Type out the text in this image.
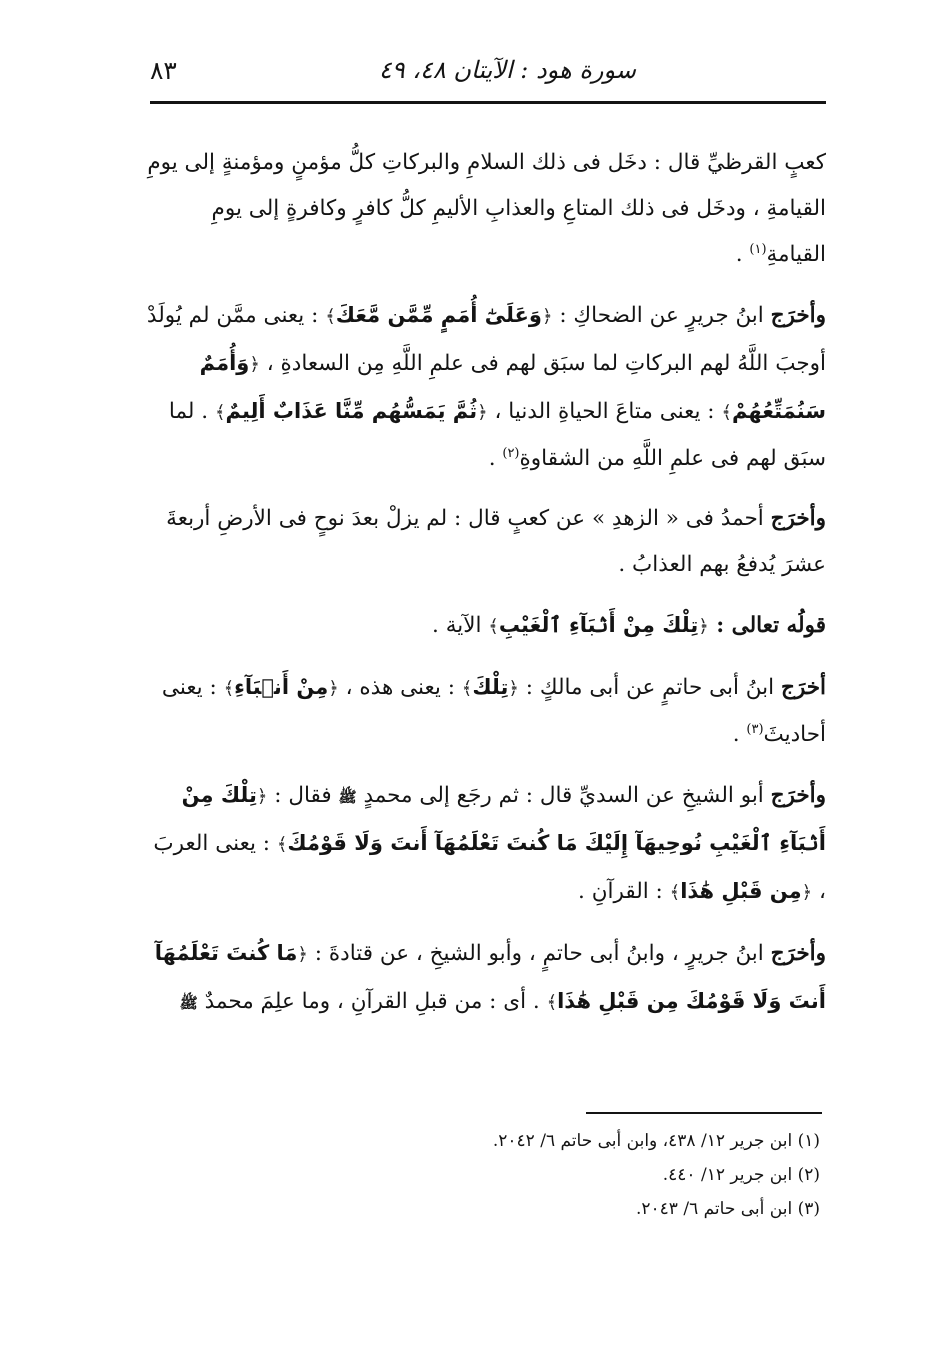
٨٣	سورة هود : الآيتان ٤٨، ٤٩

كعبٍ القرظيِّ قال : دخَل فى ذلك السلامِ والبركاتِ كلُّ مؤمنٍ ومؤمنةٍ إلى يومِ القيامةِ ، ودخَل فى ذلك المتاعِ والعذابِ الأليمِ كلُّ كافرٍ وكافرةٍ إلى يومِ القيامةِ$^{(١)}$ .

وأخرَج ابنُ جريرٍ عن الضحاكِ : ﴿وَعَلَىٰٓ أُمَمٍ مِّمَّن مَّعَكَ﴾ : يعنى ممَّن لم يُولَدْ أوجبَ اللَّهُ لهم البركاتِ لما سبَق لهم فى علمِ اللَّهِ مِن السعادةِ ، ﴿وَأُمَمٌ سَنُمَتِّعُهُمْ﴾ : يعنى متاعَ الحياةِ الدنيا ، ﴿ثُمَّ يَمَسُّهُم مِّنَّا عَذَابٌ أَلِيمٌ﴾ . لما سبَق لهم فى علمِ اللَّهِ من الشقاوةِ$^{(٢)}$ .

وأخرَج أحمدُ فى « الزهدِ » عن كعبٍ قال : لم يزلْ بعدَ نوحٍ فى الأرضِ أربعةَ عشرَ يُدفعُ بهم العذابُ .

قولُه تعالى : ﴿تِلْكَ مِنْ أَنۢبَآءِ ٱلْغَيْبِ﴾ الآية .

أخرَج ابنُ أبى حاتمٍ عن أبى مالكٍ : ﴿تِلْكَ﴾ : يعنى هذه ، ﴿مِنْ أَنۢبَآءِ﴾ : يعنى أحاديثَ$^{(٣)}$ .

وأخرَج أبو الشيخِ عن السديِّ قال : ثم رجَع إلى محمدٍ ﷺ فقال : ﴿تِلْكَ مِنْ أَنۢبَآءِ ٱلْغَيْبِ نُوحِيهَآ إِلَيْكَ مَا كُنتَ تَعْلَمُهَآ أَنتَ وَلَا قَوْمُكَ﴾ : يعنى العربَ ، ﴿مِن قَبْلِ هَٰذَا﴾ : القرآنِ .

وأخرَج ابنُ جريرٍ ، وابنُ أبى حاتمٍ ، وأبو الشيخِ ، عن قتادةَ : ﴿مَا كُنتَ تَعْلَمُهَآ أَنتَ وَلَا قَوْمُكَ مِن قَبْلِ هَٰذَا﴾ . أى : من قبلِ القرآنِ ، وما علِمَ محمدٌ ﷺ

(١) ابن جرير ١٢/ ٤٣٨، وابن أبى حاتم ٦/ ٢٠٤٢.
(٢) ابن جرير ١٢/ ٤٤٠.
(٣) ابن أبى حاتم ٦/ ٢٠٤٣.
